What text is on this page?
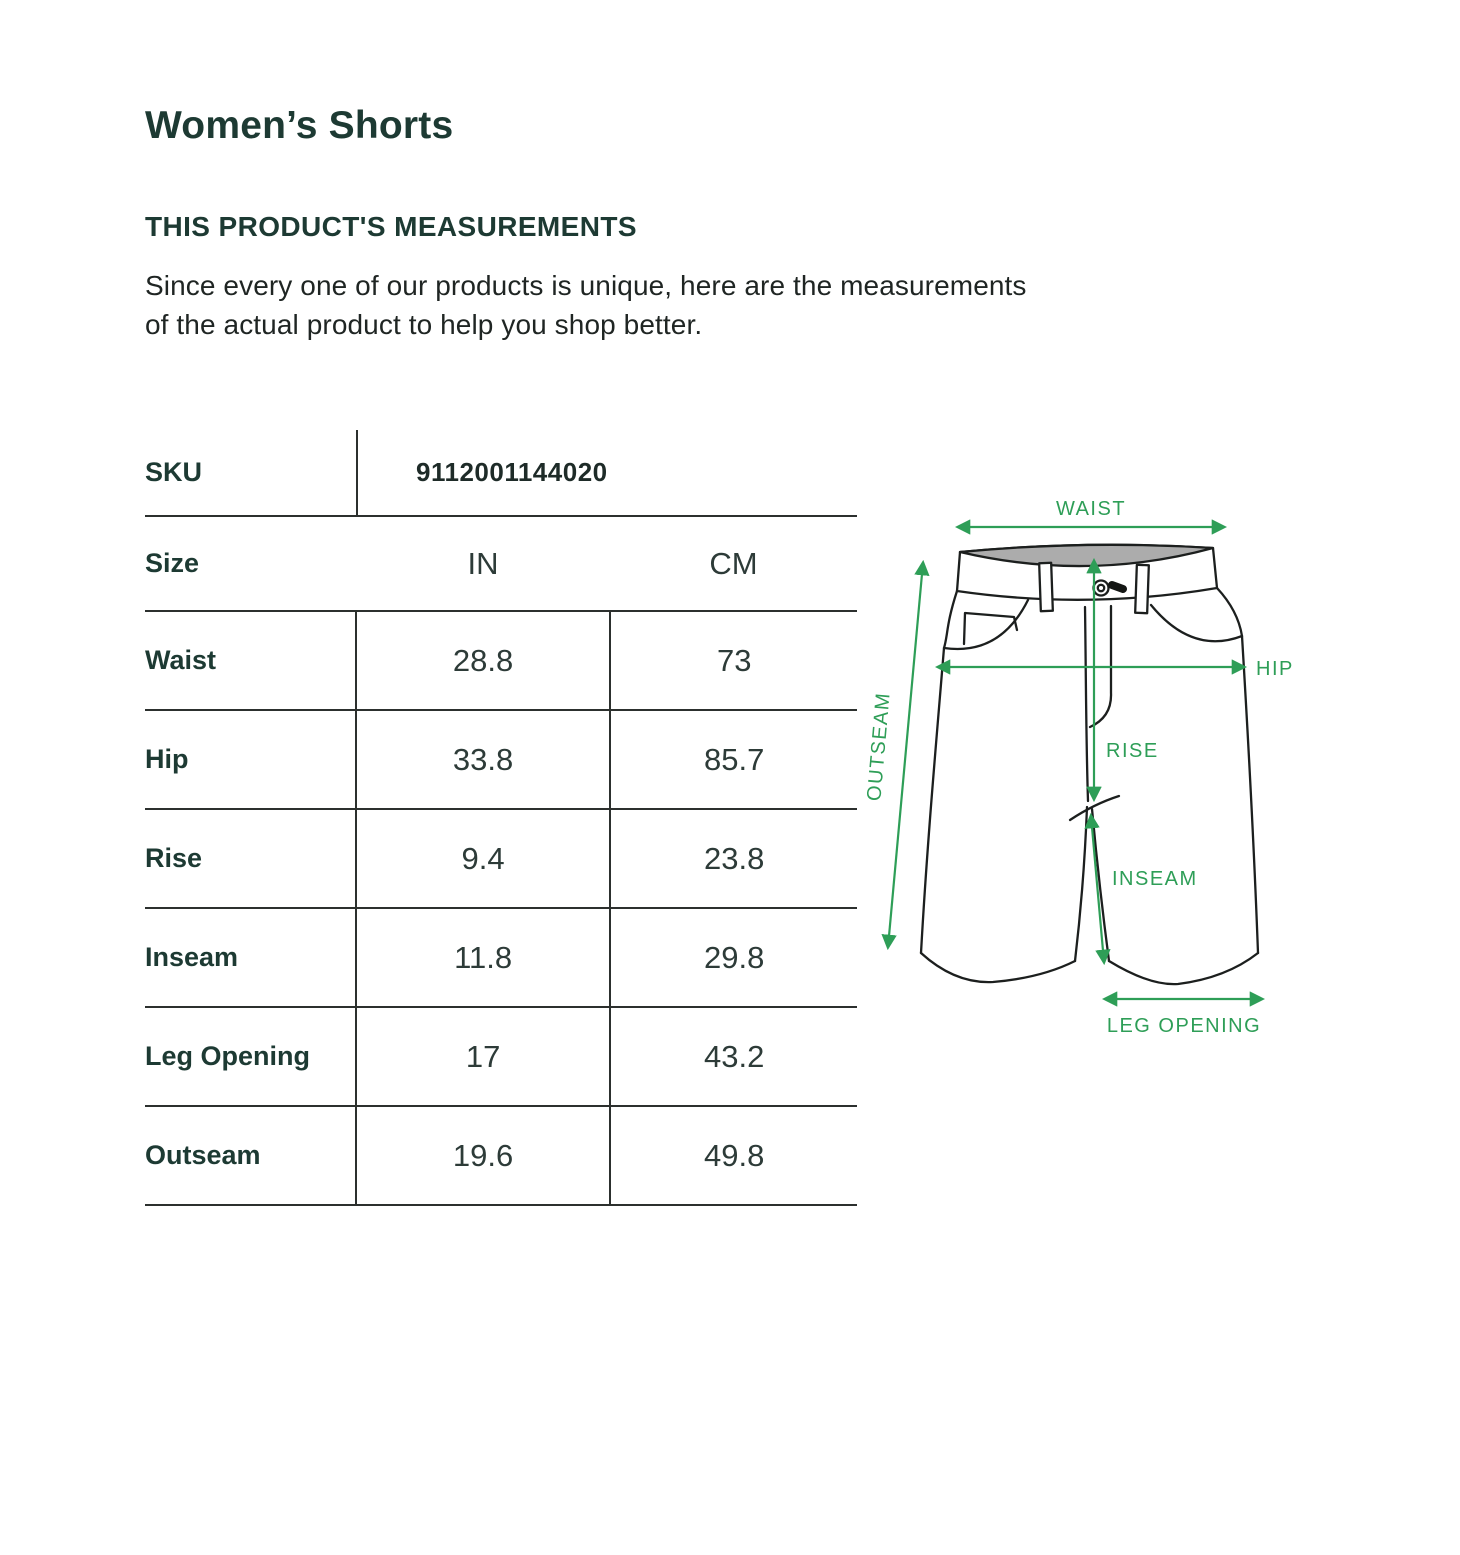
Women’s Shorts
THIS PRODUCT'S MEASUREMENTS

Since every one of our products is unique, here are the measurements
of the actual product to help you shop better.

SKU	9112001144020
Size	IN	CM
Waist	28.8	73
Hip	33.8	85.7
Rise	9.4	23.8
Inseam	11.8	29.8
Leg Opening	17	43.2
Outseam	19.6	49.8
WAIST
OUTSEAM
HIP
RISE
INSEAM
LEG OPENING
